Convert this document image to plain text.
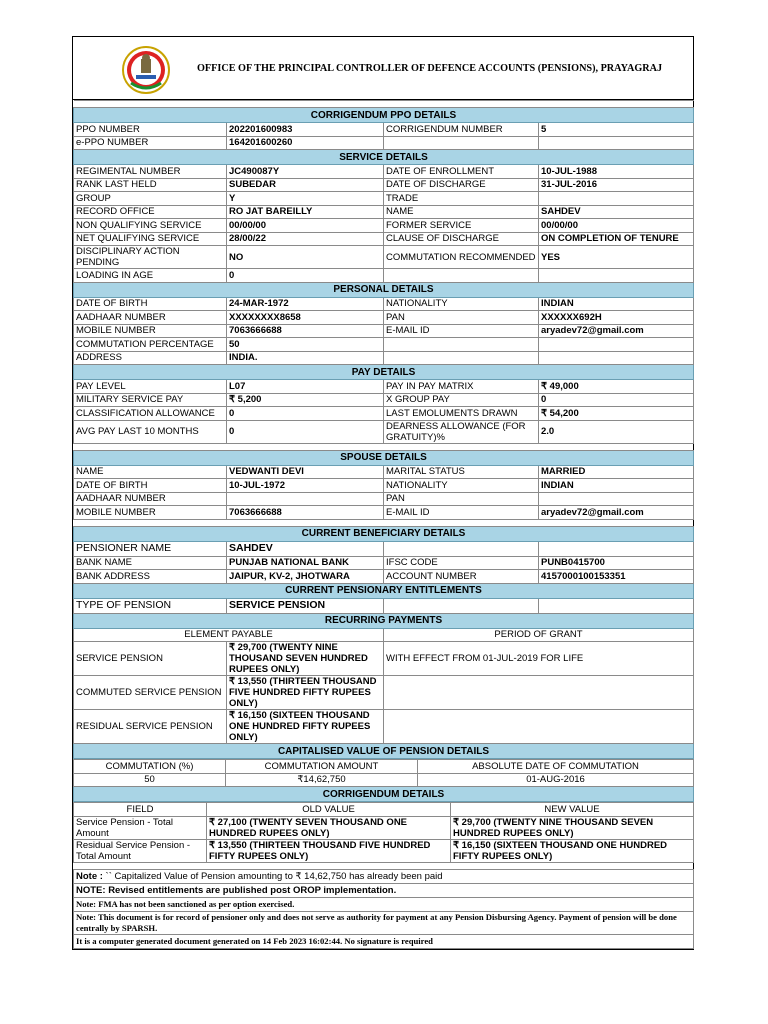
OFFICE OF THE PRINCIPAL CONTROLLER OF DEFENCE ACCOUNTS (PENSIONS), PRAYAGRAJ

CORRIGENDUM PPO DETAILS			
PPO NUMBER	202201600983	CORRIGENDUM NUMBER	5
e-PPO NUMBER	164201600260		
SERVICE DETAILS			
REGIMENTAL NUMBER	JC490087Y	DATE OF ENROLLMENT	10-JUL-1988
RANK LAST HELD	SUBEDAR	DATE OF DISCHARGE	31-JUL-2016
GROUP	Y	TRADE	
RECORD OFFICE	RO JAT BAREILLY	NAME	SAHDEV
NON QUALIFYING SERVICE	00/00/00	FORMER SERVICE	00/00/00
NET QUALIFYING SERVICE	28/00/22	CLAUSE OF DISCHARGE	ON COMPLETION OF TENURE
DISCIPLINARY ACTION PENDING	NO	COMMUTATION RECOMMENDED	YES
LOADING IN AGE	0		
PERSONAL DETAILS			
DATE OF BIRTH	24-MAR-1972	NATIONALITY	INDIAN
AADHAAR NUMBER	XXXXXXXX8658	PAN	XXXXXX692H
MOBILE NUMBER	7063666688	E-MAIL ID	aryadev72@gmail.com
COMMUTATION PERCENTAGE	50		
ADDRESS	INDIA.		
PAY DETAILS			
PAY LEVEL	L07	PAY IN PAY MATRIX	₹ 49,000
MILITARY SERVICE PAY	₹ 5,200	X GROUP PAY	0
CLASSIFICATION ALLOWANCE	0	LAST EMOLUMENTS DRAWN	₹ 54,200
AVG PAY LAST 10 MONTHS	0	DEARNESS ALLOWANCE (FOR GRATUITY)%	2.0

SPOUSE DETAILS			
NAME	VEDWANTI DEVI	MARITAL STATUS	MARRIED
DATE OF BIRTH	10-JUL-1972	NATIONALITY	INDIAN
AADHAAR NUMBER		PAN	
MOBILE NUMBER	7063666688	E-MAIL ID	aryadev72@gmail.com

CURRENT BENEFICIARY DETAILS			
PENSIONER NAME	SAHDEV		
BANK NAME	PUNJAB NATIONAL BANK	IFSC CODE	PUNB0415700
BANK ADDRESS	JAIPUR, KV-2, JHOTWARA	ACCOUNT NUMBER	4157000100153351
CURRENT PENSIONARY ENTITLEMENTS			
TYPE OF PENSION	SERVICE PENSION		
RECURRING PAYMENTS			
ELEMENT PAYABLE		PERIOD OF GRANT	
SERVICE PENSION	₹ 29,700 (TWENTY NINE THOUSAND SEVEN HUNDRED RUPEES ONLY)	WITH EFFECT FROM 01-JUL-2019 FOR LIFE	
COMMUTED SERVICE PENSION	₹ 13,550 (THIRTEEN THOUSAND FIVE HUNDRED FIFTY RUPEES ONLY)		
RESIDUAL SERVICE PENSION	₹ 16,150 (SIXTEEN THOUSAND ONE HUNDRED FIFTY RUPEES ONLY)		
CAPITALISED VALUE OF PENSION DETAILS			
COMMUTATION (%)	COMMUTATION AMOUNT	ABSOLUTE DATE OF COMMUTATION
50	₹14,62,750	01-AUG-2016
CORRIGENDUM DETAILS		
FIELD	OLD VALUE	NEW VALUE
Service Pension - Total Amount	₹ 27,100 (TWENTY SEVEN THOUSAND ONE HUNDRED RUPEES ONLY)	₹ 29,700 (TWENTY NINE THOUSAND SEVEN HUNDRED RUPEES ONLY)
Residual Service Pension - Total Amount	₹ 13,550 (THIRTEEN THOUSAND FIVE HUNDRED FIFTY RUPEES ONLY)	₹ 16,150 (SIXTEEN THOUSAND ONE HUNDRED FIFTY RUPEES ONLY)

Note : `` Capitalized Value of Pension amounting to ₹ 14,62,750 has already been paid		
NOTE: Revised entitlements are published post OROP implementation.		
Note: FMA has not been sanctioned as per option exercised.		
Note: This document is for record of pensioner only and does not serve as authority for payment at any Pension Disbursing Agency. Payment of pension will be done centrally by SPARSH.		
It is a computer generated document generated on 14 Feb 2023 16:02:44. No signature is required		
